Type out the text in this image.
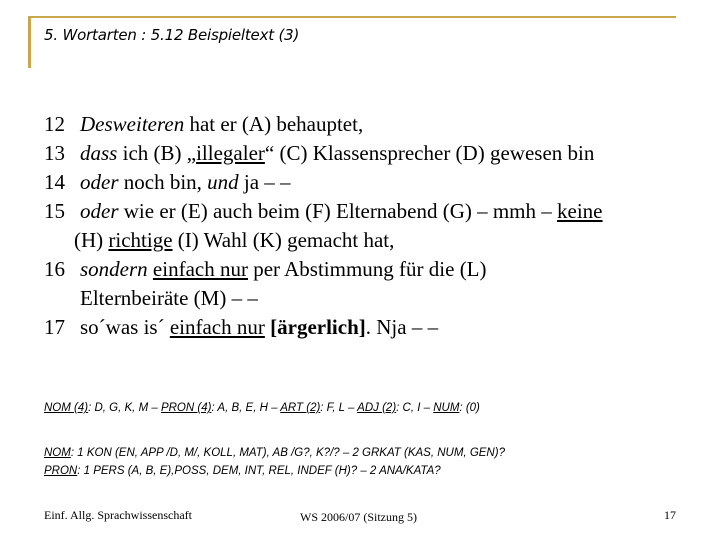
5. Wortarten : 5.12 Beispieltext (3)
12 Desweiteren hat er (A) behauptet,
13 dass ich (B) „illegaler“ (C) Klassensprecher (D) gewesen bin
14 oder noch bin, und ja – –
15 oder wie er (E) auch beim (F) Elternabend (G) – mmh – keine
(H) richtige (I) Wahl (K) gemacht hat,
16 sondern einfach nur per Abstimmung für die (L)
Elternbeiräte (M) – –
17 so´was is´ einfach nur [ärgerlich]. Nja – –
NOM (4): D, G, K, M – PRON (4): A, B, E, H – ART (2): F, L – ADJ (2): C, I – NUM: (0)
NOM: 1 KON (EN, APP /D, M/, KOLL, MAT), AB /G?, K?/? – 2 GRKAT (KAS, NUM, GEN)?
PRON: 1 PERS (A, B, E),POSS, DEM, INT, REL, INDEF (H)? – 2 ANA/KATA?
Einf. Allg. Sprachwissenschaft	WS 2006/07 (Sitzung 5)	17
